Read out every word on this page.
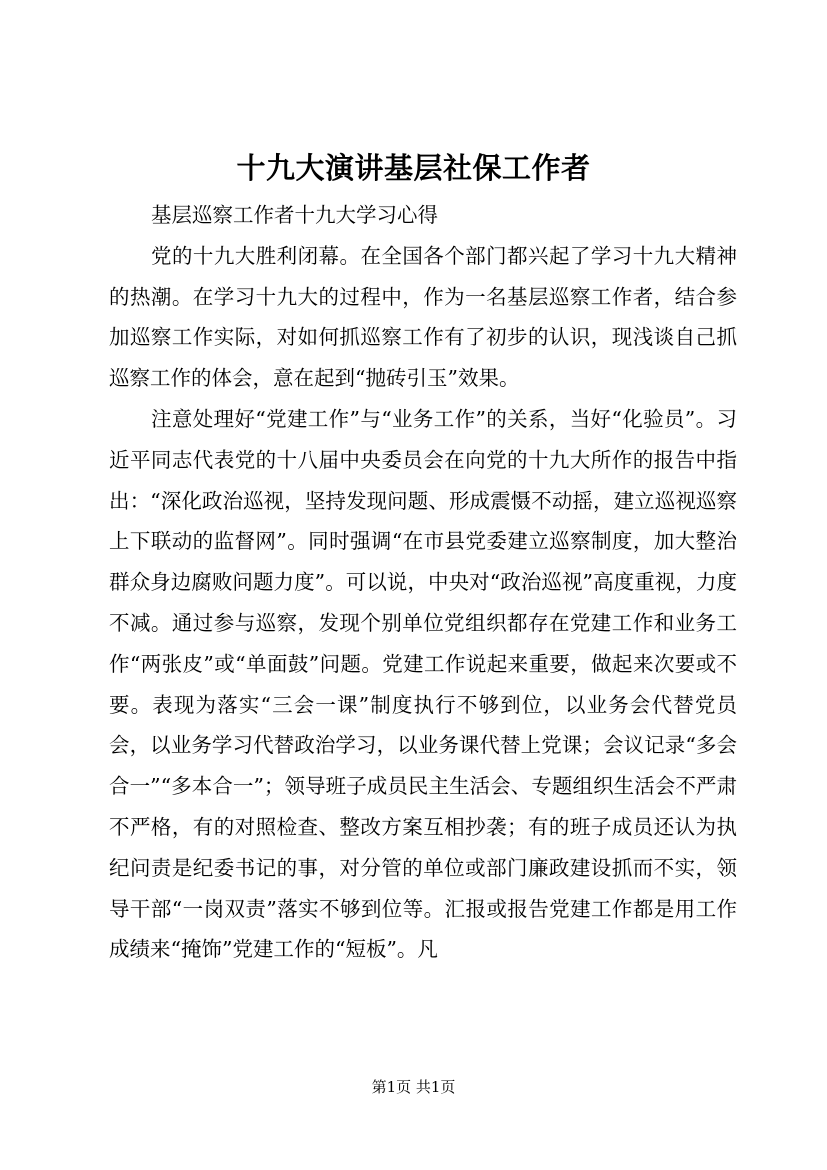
十九大演讲基层社保工作者

基层巡察工作者十九大学习心得

党的十九大胜利闭幕。在全国各个部门都兴起了学习十九大精神的热潮。在学习十九大的过程中，作为一名基层巡察工作者，结合参加巡察工作实际，对如何抓巡察工作有了初步的认识，现浅谈自己抓巡察工作的体会，意在起到“抛砖引玉”效果。

注意处理好“党建工作”与“业务工作”的关系，当好“化验员”。习近平同志代表党的十八届中央委员会在向党的十九大所作的报告中指出：“深化政治巡视，坚持发现问题、形成震慑不动摇，建立巡视巡察上下联动的监督网”。同时强调“在市县党委建立巡察制度，加大整治群众身边腐败问题力度”。可以说，中央对“政治巡视”高度重视，力度不减。通过参与巡察，发现个别单位党组织都存在党建工作和业务工作“两张皮”或“单面鼓”问题。党建工作说起来重要，做起来次要或不要。表现为落实“三会一课”制度执行不够到位，以业务会代替党员会，以业务学习代替政治学习，以业务课代替上党课；会议记录“多会合一”“多本合一”；领导班子成员民主生活会、专题组织生活会不严肃不严格，有的对照检查、整改方案互相抄袭；有的班子成员还认为执纪问责是纪委书记的事，对分管的单位或部门廉政建设抓而不实，领导干部“一岗双责”落实不够到位等。汇报或报告党建工作都是用工作成绩来“掩饰”党建工作的“短板”。凡

第1页 共1页
